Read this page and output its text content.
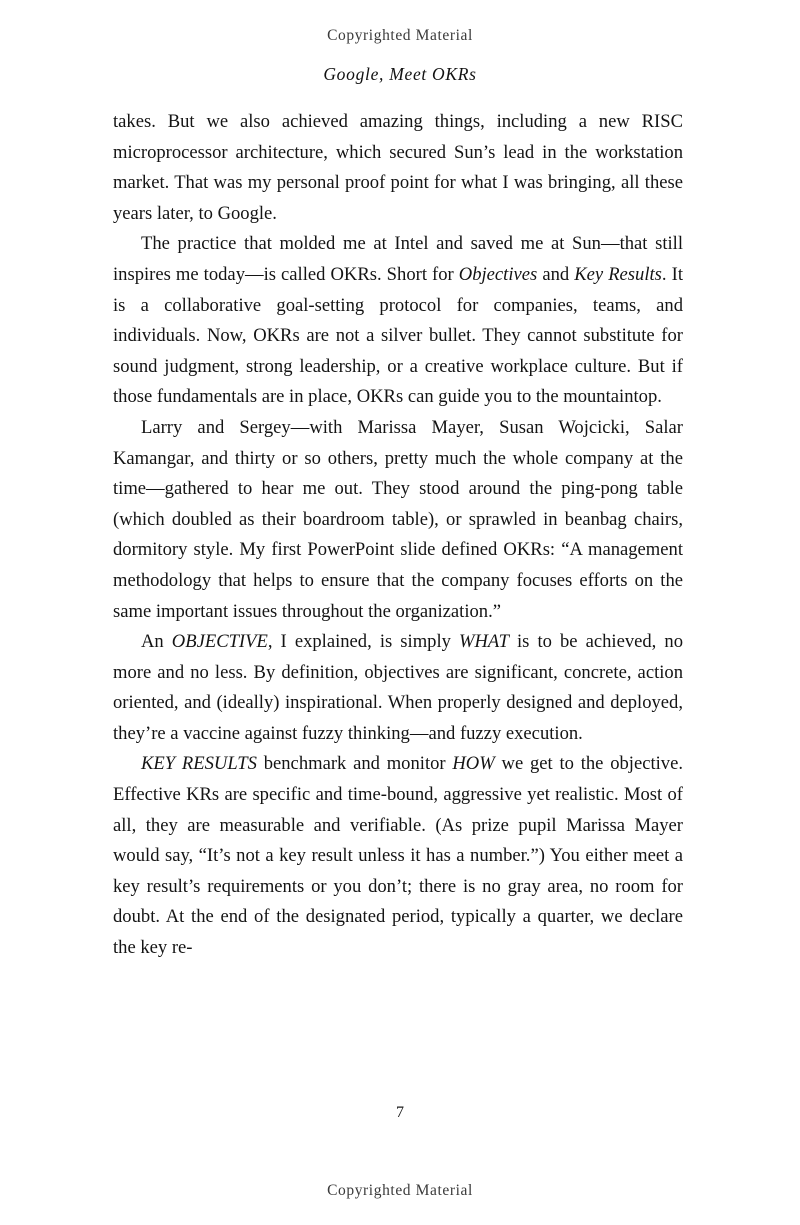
Copyrighted Material
Google, Meet OKRs

takes. But we also achieved amazing things, including a new RISC microprocessor architecture, which secured Sun’s lead in the workstation market. That was my personal proof point for what I was bringing, all these years later, to Google.

The practice that molded me at Intel and saved me at Sun—that still inspires me today—is called OKRs. Short for Objectives and Key Results. It is a collaborative goal-setting protocol for companies, teams, and individuals. Now, OKRs are not a silver bullet. They cannot substitute for sound judgment, strong leadership, or a creative workplace culture. But if those fundamentals are in place, OKRs can guide you to the mountaintop.

Larry and Sergey—with Marissa Mayer, Susan Wojcicki, Salar Kamangar, and thirty or so others, pretty much the whole company at the time—gathered to hear me out. They stood around the ping-pong table (which doubled as their boardroom table), or sprawled in beanbag chairs, dormitory style. My first PowerPoint slide defined OKRs: “A management methodology that helps to ensure that the company focuses efforts on the same important issues throughout the organization.”

An OBJECTIVE, I explained, is simply WHAT is to be achieved, no more and no less. By definition, objectives are significant, concrete, action oriented, and (ideally) inspirational. When properly designed and deployed, they’re a vaccine against fuzzy thinking—and fuzzy execution.

KEY RESULTS benchmark and monitor HOW we get to the objective. Effective KRs are specific and time-bound, aggressive yet realistic. Most of all, they are measurable and verifiable. (As prize pupil Marissa Mayer would say, “It’s not a key result unless it has a number.”) You either meet a key result’s requirements or you don’t; there is no gray area, no room for doubt. At the end of the designated period, typically a quarter, we declare the key re-

7
Copyrighted Material
